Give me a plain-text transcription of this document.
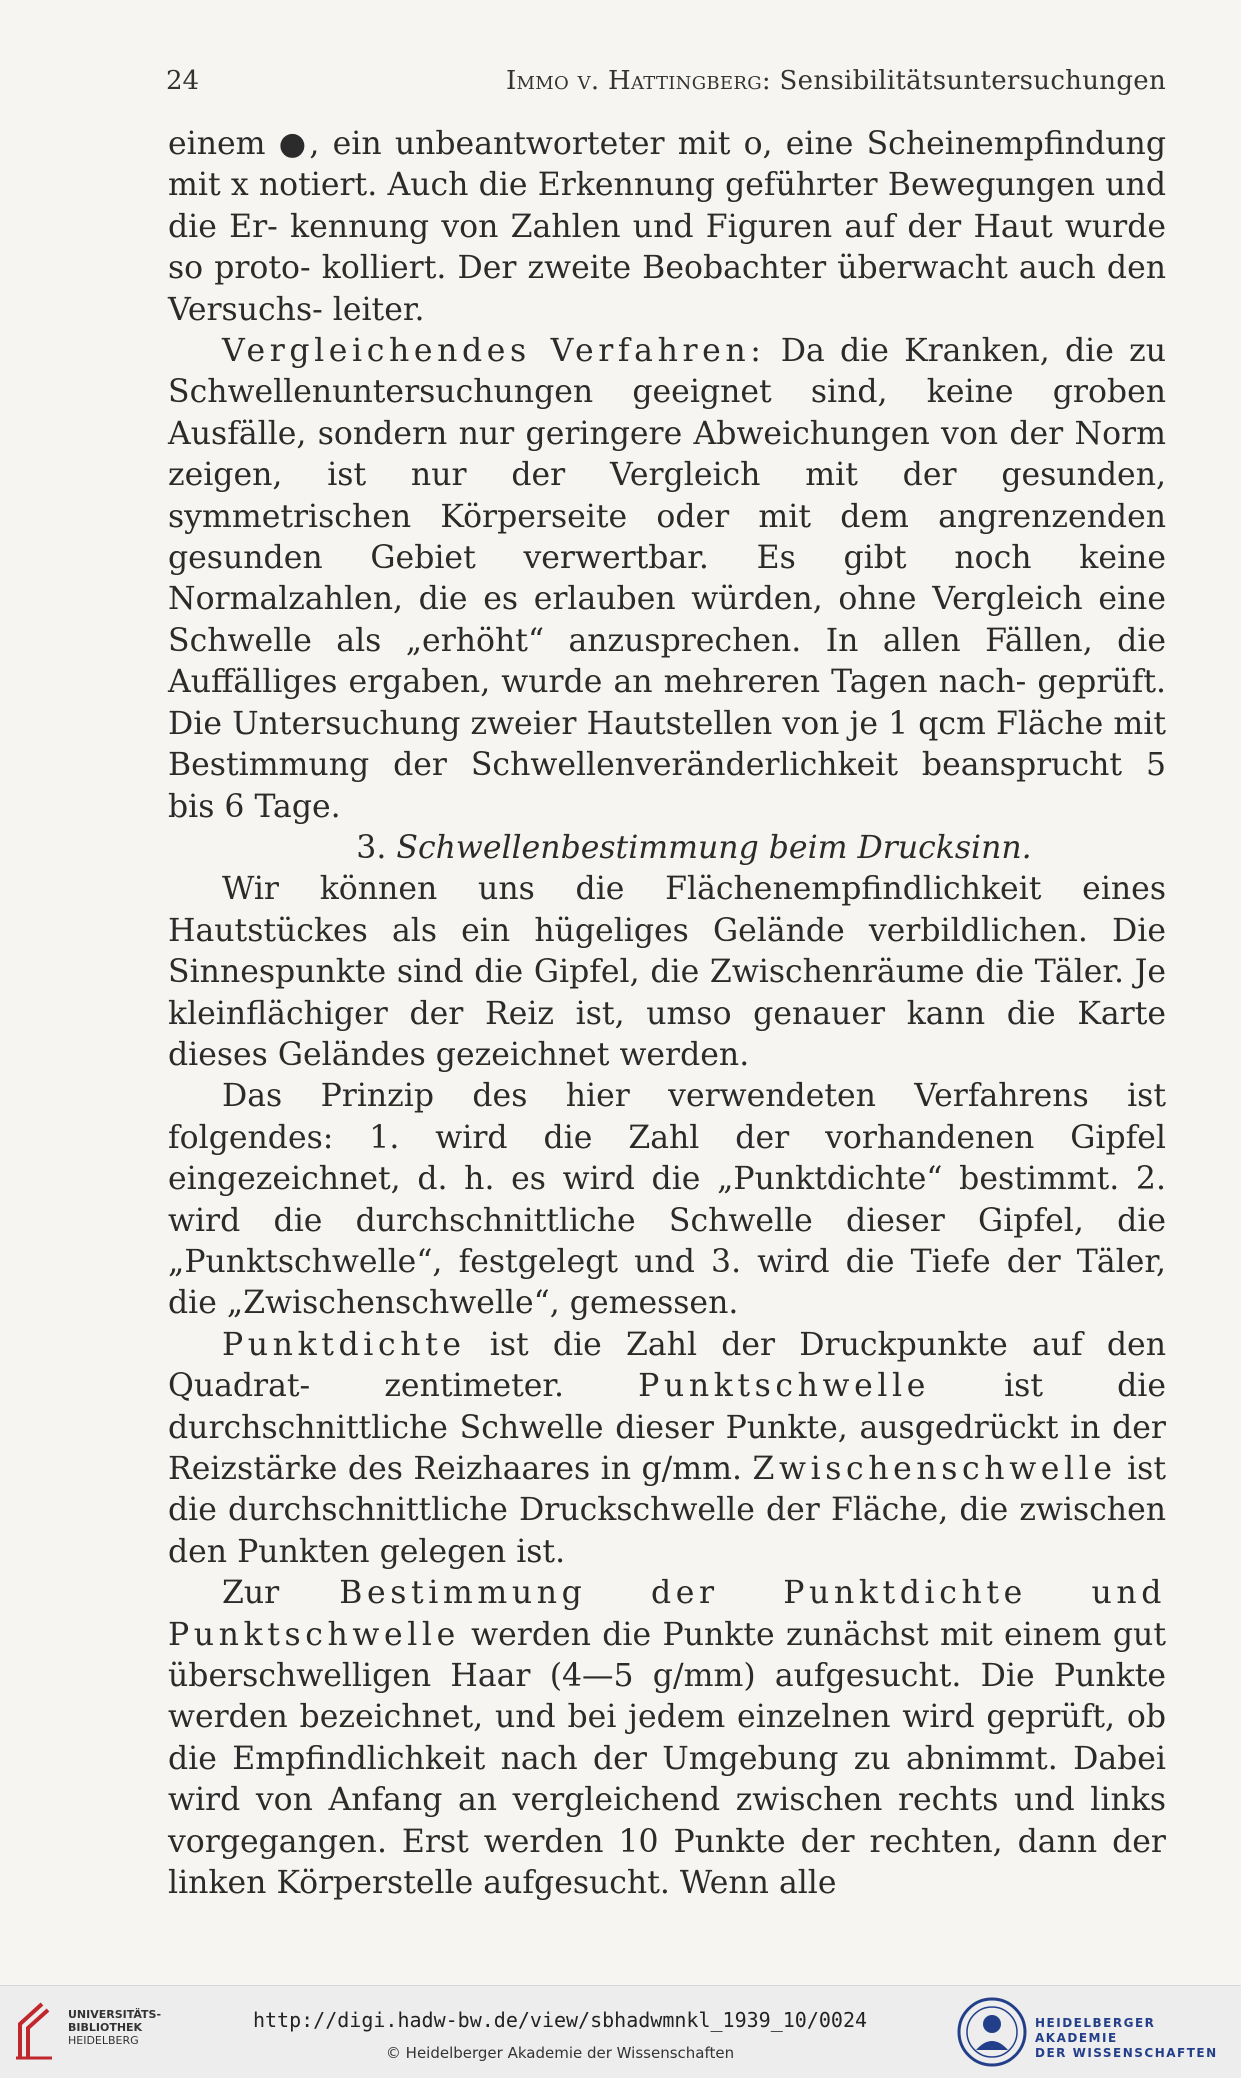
24	Immo v. Hattingberg: Sensibilitätsuntersuchungen

einem ●, ein unbeantworteter mit o, eine Scheinempfindung mit x notiert. Auch die Erkennung geführter Bewegungen und die Er- kennung von Zahlen und Figuren auf der Haut wurde so proto- kolliert. Der zweite Beobachter überwacht auch den Versuchs- leiter.

Vergleichendes Verfahren: Da die Kranken, die zu Schwellenuntersuchungen geeignet sind, keine groben Ausfälle, sondern nur geringere Abweichungen von der Norm zeigen, ist nur der Vergleich mit der gesunden, symmetrischen Körperseite oder mit dem angrenzenden gesunden Gebiet verwertbar. Es gibt noch keine Normalzahlen, die es erlauben würden, ohne Vergleich eine Schwelle als „erhöht“ anzusprechen. In allen Fällen, die Auffälliges ergaben, wurde an mehreren Tagen nach- geprüft. Die Untersuchung zweier Hautstellen von je 1 qcm Fläche mit Bestimmung der Schwellenveränderlichkeit beansprucht 5 bis 6 Tage.

3. Schwellenbestimmung beim Drucksinn.

Wir können uns die Flächenempfindlichkeit eines Hautstückes als ein hügeliges Gelände verbildlichen. Die Sinnespunkte sind die Gipfel, die Zwischenräume die Täler. Je kleinflächiger der Reiz ist, umso genauer kann die Karte dieses Geländes gezeichnet werden.

Das Prinzip des hier verwendeten Verfahrens ist folgendes: 1. wird die Zahl der vorhandenen Gipfel eingezeichnet, d. h. es wird die „Punktdichte“ bestimmt. 2. wird die durchschnittliche Schwelle dieser Gipfel, die „Punktschwelle“, festgelegt und 3. wird die Tiefe der Täler, die „Zwischenschwelle“, gemessen.

Punktdichte ist die Zahl der Druckpunkte auf den Quadrat- zentimeter. Punktschwelle ist die durchschnittliche Schwelle dieser Punkte, ausgedrückt in der Reizstärke des Reizhaares in g/mm. Zwischenschwelle ist die durchschnittliche Druckschwelle der Fläche, die zwischen den Punkten gelegen ist.

Zur Bestimmung der Punktdichte und Punktschwelle werden die Punkte zunächst mit einem gut überschwelligen Haar (4—5 g/mm) aufgesucht. Die Punkte werden bezeichnet, und bei jedem einzelnen wird geprüft, ob die Empfindlichkeit nach der Umgebung zu abnimmt. Dabei wird von Anfang an vergleichend zwischen rechts und links vorgegangen. Erst werden 10 Punkte der rechten, dann der linken Körperstelle aufgesucht. Wenn alle

UNIVERSITÄTS-
BIBLIOTHEK
HEIDELBERG
http://digi.hadw-bw.de/view/sbhadwmnkl_1939_10/0024
© Heidelberger Akademie der Wissenschaften
HEIDELBERGER AKADEMIE
DER WISSENSCHAFTEN
